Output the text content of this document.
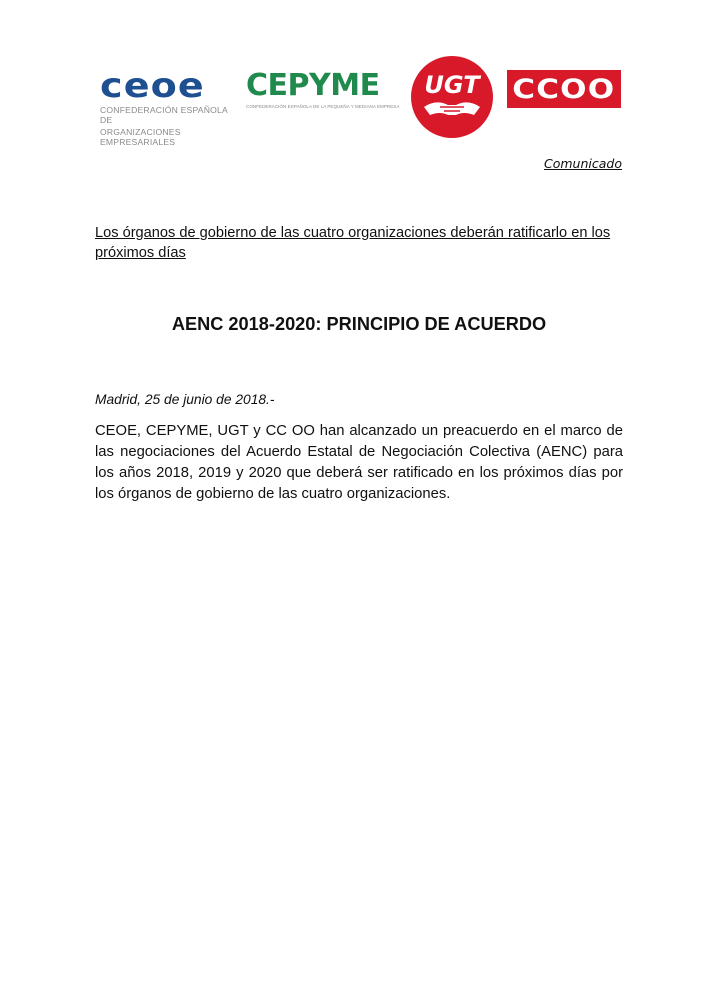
ceoe
CONFEDERACIÓN ESPAÑOLA DE
ORGANIZACIONES EMPRESARIALES
CEPYME
CONFEDERACIÓN ESPAÑOLA DE LA PEQUEÑA Y MEDIANA EMPRESA
UGT CCOO
Comunicado
Los órganos de gobierno de las cuatro organizaciones deberán ratificarlo en los próximos días
AENC 2018-2020: PRINCIPIO DE ACUERDO
Madrid, 25 de junio de 2018.-
CEOE, CEPYME, UGT y CC OO han alcanzado un preacuerdo en el marco de las negociaciones del Acuerdo Estatal de Negociación Colectiva (AENC) para los años 2018, 2019 y 2020 que deberá ser ratificado en los próximos días por los órganos de gobierno de las cuatro organizaciones.
